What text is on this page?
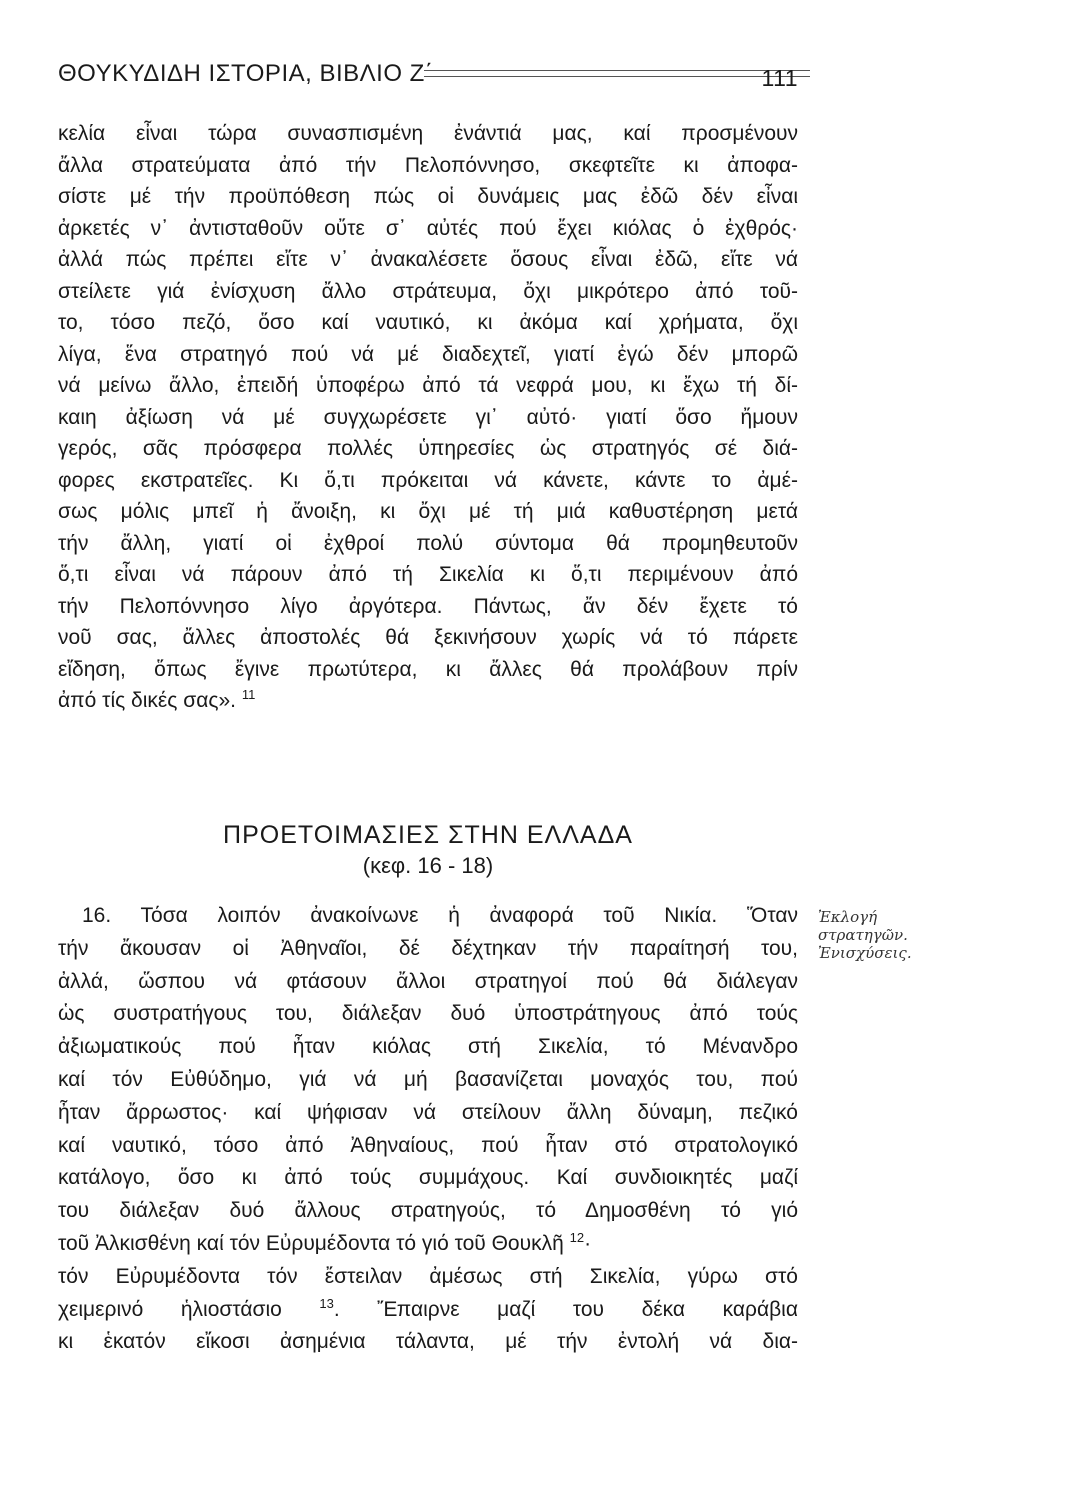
ΘΟΥΚΥΔΙΔΗ ΙΣΤΟΡΙΑ, ΒΙΒΛΙΟ Ζ΄	111
κελία εἶναι τώρα συνασπισμένη ἐνάντιά μας, καί προσμένουν
ἄλλα στρατεύματα ἀπό τήν Πελοπόννησο, σκεφτεῖτε κι ἀποφα-
σίστε μέ τήν προϋπόθεση πώς οἱ δυνάμεις μας ἐδῶ δέν εἶναι
ἀρκετές ν᾽ ἀντισταθοῦν οὔτε σ᾽ αὐτές πού ἔχει κιόλας ὁ ἐχθρός·
ἀλλά πώς πρέπει εἴτε ν᾽ ἀνακαλέσετε ὅσους εἶναι ἐδῶ, εἴτε νά
στείλετε γιά ἐνίσχυση ἄλλο στράτευμα, ὄχι μικρότερο ἀπό τοῦ-
το, τόσο πεζό, ὅσο καί ναυτικό, κι ἀκόμα καί χρήματα, ὄχι
λίγα, ἕνα στρατηγό πού νά μέ διαδεχτεῖ, γιατί ἐγώ δέν μπορῶ
νά μείνω ἄλλο, ἐπειδή ὑποφέρω ἀπό τά νεφρά μου, κι ἔχω τή δί-
καιη ἀξίωση νά μέ συγχωρέσετε γι᾽ αὐτό· γιατί ὅσο ἤμουν
γερός, σᾶς πρόσφερα πολλές ὑπηρεσίες ὡς στρατηγός σέ διά-
φορες εκστρατεῖες. Κι ὅ,τι πρόκειται νά κάνετε, κάντε το ἀμέ-
σως μόλις μπεῖ ἡ ἄνοιξη, κι ὄχι μέ τή μιά καθυστέρηση μετά
τήν ἄλλη, γιατί οἱ ἐχθροί πολύ σύντομα θά προμηθευτοῦν
ὅ,τι εἶναι νά πάρουν ἀπό τή Σικελία κι ὅ,τι περιμένουν ἀπό
τήν Πελοπόννησο λίγο ἀργότερα. Πάντως, ἄν δέν ἔχετε τό
νοῦ σας, ἄλλες ἀποστολές θά ξεκινήσουν χωρίς νά τό πάρετε
εἴδηση, ὅπως ἔγινε πρωτύτερα, κι ἄλλες θά προλάβουν πρίν
ἀπό τίς δικές σας». $^{11}$
ΠΡΟΕΤΟΙΜΑΣΙΕΣ ΣΤΗΝ ΕΛΛΑΔΑ
(κεφ. 16 - 18)
16. Τόσα λοιπόν ἀνακοίνωνε ἡ ἀναφορά τοῦ Νικία. Ὅταν
τήν ἄκουσαν οἱ Ἀθηναῖοι, δέ δέχτηκαν τήν παραίτησή του,
ἀλλά, ὥσπου νά φτάσουν ἄλλοι στρατηγοί πού θά διάλεγαν
ὡς συστρατήγους του, διάλεξαν δυό ὑποστράτηγους ἀπό τούς
ἀξιωματικούς πού ἦταν κιόλας στή Σικελία, τό Μένανδρο
καί τόν Εὐθύδημο, γιά νά μή βασανίζεται μοναχός του, πού
ἦταν ἄρρωστος· καί ψήφισαν νά στείλουν ἄλλη δύναμη, πεζικό
καί ναυτικό, τόσο ἀπό Ἀθηναίους, πού ἦταν στό στρατολογικό
κατάλογο, ὅσο κι ἀπό τούς συμμάχους. Καί συνδιοικητές μαζί
του διάλεξαν δυό ἄλλους στρατηγούς, τό Δημοσθένη τό γιό
τοῦ Ἀλκισθένη καί τόν Εὐρυμέδοντα τό γιό τοῦ Θουκλῆ $^{12}$·
τόν Εὐρυμέδοντα τόν ἔστειλαν ἀμέσως στή Σικελία, γύρω στό
χειμερινό ἡλιοστάσιο	$^{13}$. Ἔπαιρνε μαζί του δέκα καράβια
κι ἑκατόν εἴκοσι ἀσημένια τάλαντα, μέ τήν ἐντολή νά δια-
Ἐκλογή
στρατηγῶν.
Ἐνισχύσεις.
